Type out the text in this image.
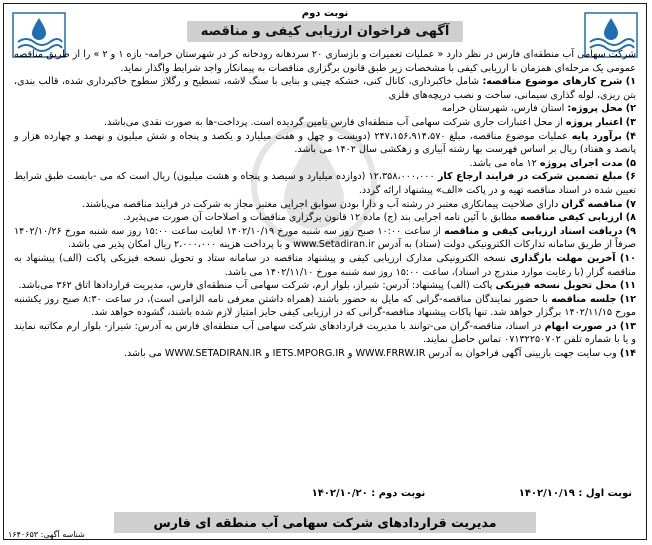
نوبت دوم
آگهی فراخوان ارزیابی کیفی و مناقصه

شرکت سهامی آب منطقه‌ای فارس در نظر دارد « عملیات تعمیرات و بازسازی ۲۰ سردهانه رودخانه کر در شهرستان خرامه- بازه ۱ و ۲ » را از طریق مناقصه عمومی یک مرحله‌ای همزمان با ارزیابی کیفی با مشخصات زیر طبق قانون برگزاری مناقصات به پیمانکار واجد شرایط واگذار نماید.

۱) شرح کارهای موضوع مناقصه: شامل خاکبرداری، کانال کنی، خشکه چینی و بنایی با سنگ لاشه، تسطیح و رگلاژ سطوح خاکبرداری شده، قالب بندی، بتن ریزی، لوله گذاری سیمانی، ساخت و نصب دریچه‌های فلزی

۲) محل پروژه: استان فارس، شهرستان خرامه

۳) اعتبار پروژه از محل اعتبارات جاری شرکت سهامی آب منطقه‌ای فارس تامین گردیده است. پرداخت-ها به صورت نقدی می‌باشد.

۴) برآورد پایه عملیات موضوع مناقصه، مبلغ ۲۴۷،۱۵۶،۹۱۴،۵۷۰ (دویست و چهل و هفت میلیارد و یکصد و پنجاه و شش میلیون و نهصد و چهارده هزار و پانصد و هفتاد) ریال بر اساس فهرست بها رشته آبیاری و زهکشی سال ۱۴۰۲ می باشد.

۵) مدت اجرای پروژه ۱۲ ماه می باشد.

۶) مبلغ تضمین شرکت در فرایند ارجاع کار ۱۲،۳۵۸،۰۰۰،۰۰۰ (دوازده میلیارد و سیصد و پنجاه و هشت میلیون) ریال است که می -بایست طبق شرایط تعیین شده در اسناد مناقصه تهیه و در پاکت «الف» پیشنهاد ارائه گردد.

۷) مناقصه گران دارای صلاحیت پیمانکاری معتبر در رشته آب و دارا بودن سوابق اجرایی معتبر مجاز به شرکت در فرایند مناقصه می‌باشند.

۸) ارزیابی کیفی مناقصه مطابق با آئین نامه اجرایی بند (ج) ماده ۱۲ قانون برگزاری مناقصات و اصلاحات آن صورت می‌پذیرد.

۹) دریافت اسناد ارزیابی کیفی و مناقصه از ساعت ۱۰:۰۰ صبح روز سه شنبه مورخ ۱۴۰۲/۱۰/۱۹ لغایت ساعت ۱۵:۰۰ روز سه شنبه مورخ ۱۴۰۲/۱۰/۲۶ صرفاً از طریق سامانه تدارکات الکترونیکی دولت (ستاد) به آدرس www.Setadiran.ir و با پرداخت هزینه ۲،۰۰۰،۰۰۰ ریال امکان پذیر می باشد.

۱۰) آخرین مهلت بارگذاری نسخه الکترونیکی مدارک ارزیابی کیفی و پیشنهاد مناقصه در سامانه ستاد و تحویل نسخه فیزیکی پاکت (الف) پیشنهاد به مناقصه گزار (با رعایت موارد مندرج در اسناد)، ساعت ۱۵:۰۰ روز سه شنبه مورخ ۱۴۰۲/۱۱/۱۰ می باشد.

۱۱) محل تحویل نسخه فیزیکی پاکت (الف) پیشنهاد: آدرس: شیراز، بلوار ارم، شرکت سهامی آب منطقه‌ای فارس، مدیریت قراردادها اتاق ۳۶۲ می‌باشد.

۱۲) جلسه مناقصه با حضور نمایندگان مناقصه-گرانی که مایل به حضور باشند (همراه داشتن معرفی نامه الزامی است)، در ساعت ۸:۳۰ صبح روز یکشنبه مورخ ۱۴۰۲/۱۱/۱۵ برگزار خواهد شد. تنها پاکات پیشنهاد مناقصه-گرانی که در ارزیابی کیفی حایز امتیاز لازم شده باشند، گشوده خواهد شد.

۱۳) در صورت ابهام در اسناد، مناقصه-گران می-توانند با مدیریت قراردادهای شرکت سهامی آب منطقه‌ای فارس به آدرس: شیراز- بلوار ارم مکاتبه نمایند و یا با شماره تلفن ۰۷۱۳۲۲۵۰۷۰۲ تماس حاصل نمایند.

۱۴) وب سایت جهت بازبینی آگهی فراخوان به آدرس WWW.FRRW.IR و IETS.MPORG.IR و WWW.SETADIRAN.IR می باشد.

نوبت اول : ۱۴۰۲/۱۰/۱۹ نوبت دوم : ۱۴۰۲/۱۰/۲۰
مدیریت قراردادهای شرکت سهامی آب منطقه ای فارس
شناسه آگهی: ۱۶۴۰۶۵۳
